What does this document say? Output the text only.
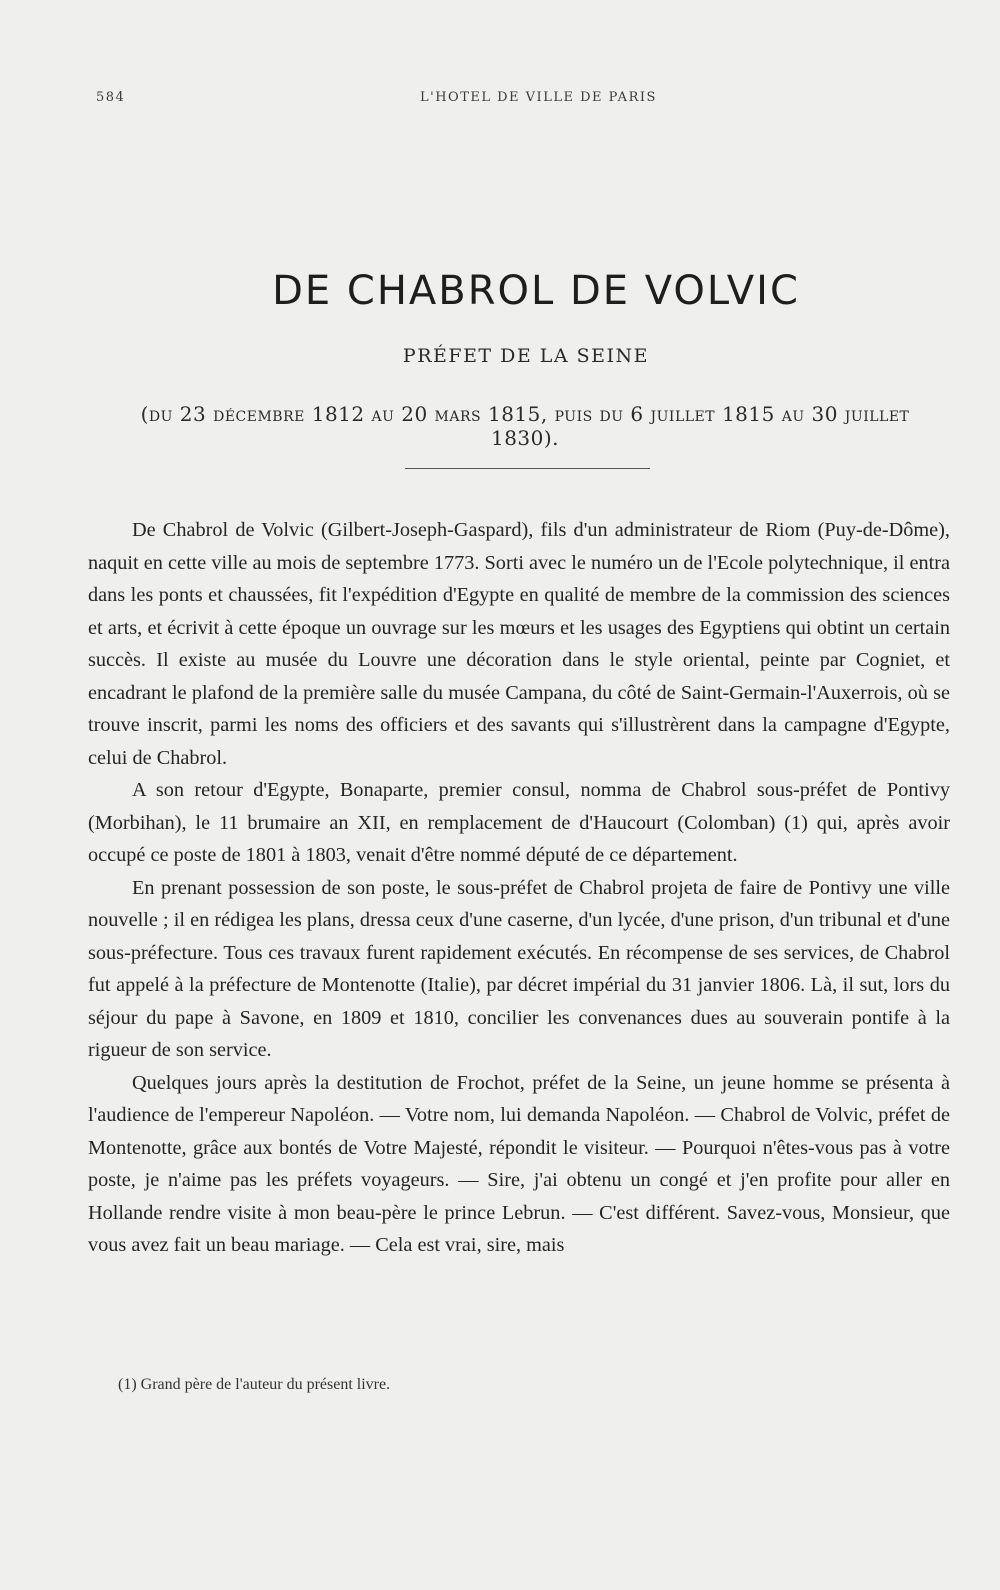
584	L'HOTEL DE VILLE DE PARIS
DE CHABROL DE VOLVIC
PRÉFET DE LA SEINE
(du 23 décembre 1812 au 20 mars 1815, puis du 6 juillet 1815 au 30 juillet 1830).

De Chabrol de Volvic (Gilbert-Joseph-Gaspard), fils d'un administrateur de Riom (Puy-de-Dôme), naquit en cette ville au mois de septembre 1773. Sorti avec le numéro un de l'Ecole polytechnique, il entra dans les ponts et chaussées, fit l'expédition d'Egypte en qualité de membre de la commission des sciences et arts, et écrivit à cette époque un ouvrage sur les mœurs et les usages des Egyptiens qui obtint un certain succès. Il existe au musée du Louvre une décoration dans le style oriental, peinte par Cogniet, et encadrant le plafond de la première salle du musée Campana, du côté de Saint-Germain-l'Auxerrois, où se trouve inscrit, parmi les noms des officiers et des savants qui s'illustrèrent dans la campagne d'Egypte, celui de Chabrol.

A son retour d'Egypte, Bonaparte, premier consul, nomma de Chabrol sous-préfet de Pontivy (Morbihan), le 11 brumaire an XII, en remplacement de d'Haucourt (Colomban) (1) qui, après avoir occupé ce poste de 1801 à 1803, venait d'être nommé député de ce département.

En prenant possession de son poste, le sous-préfet de Chabrol projeta de faire de Pontivy une ville nouvelle ; il en rédigea les plans, dressa ceux d'une caserne, d'un lycée, d'une prison, d'un tribunal et d'une sous-préfecture. Tous ces travaux furent rapidement exécutés. En récompense de ses services, de Chabrol fut appelé à la préfecture de Montenotte (Italie), par décret impérial du 31 janvier 1806. Là, il sut, lors du séjour du pape à Savone, en 1809 et 1810, concilier les convenances dues au souverain pontife à la rigueur de son service.

Quelques jours après la destitution de Frochot, préfet de la Seine, un jeune homme se présenta à l'audience de l'empereur Napoléon. — Votre nom, lui demanda Napoléon. — Chabrol de Volvic, préfet de Montenotte, grâce aux bontés de Votre Majesté, répondit le visiteur. — Pourquoi n'êtes-vous pas à votre poste, je n'aime pas les préfets voyageurs. — Sire, j'ai obtenu un congé et j'en profite pour aller en Hollande rendre visite à mon beau-père le prince Lebrun. — C'est différent. Savez-vous, Monsieur, que vous avez fait un beau mariage. — Cela est vrai, sire, mais

(1) Grand père de l'auteur du présent livre.
